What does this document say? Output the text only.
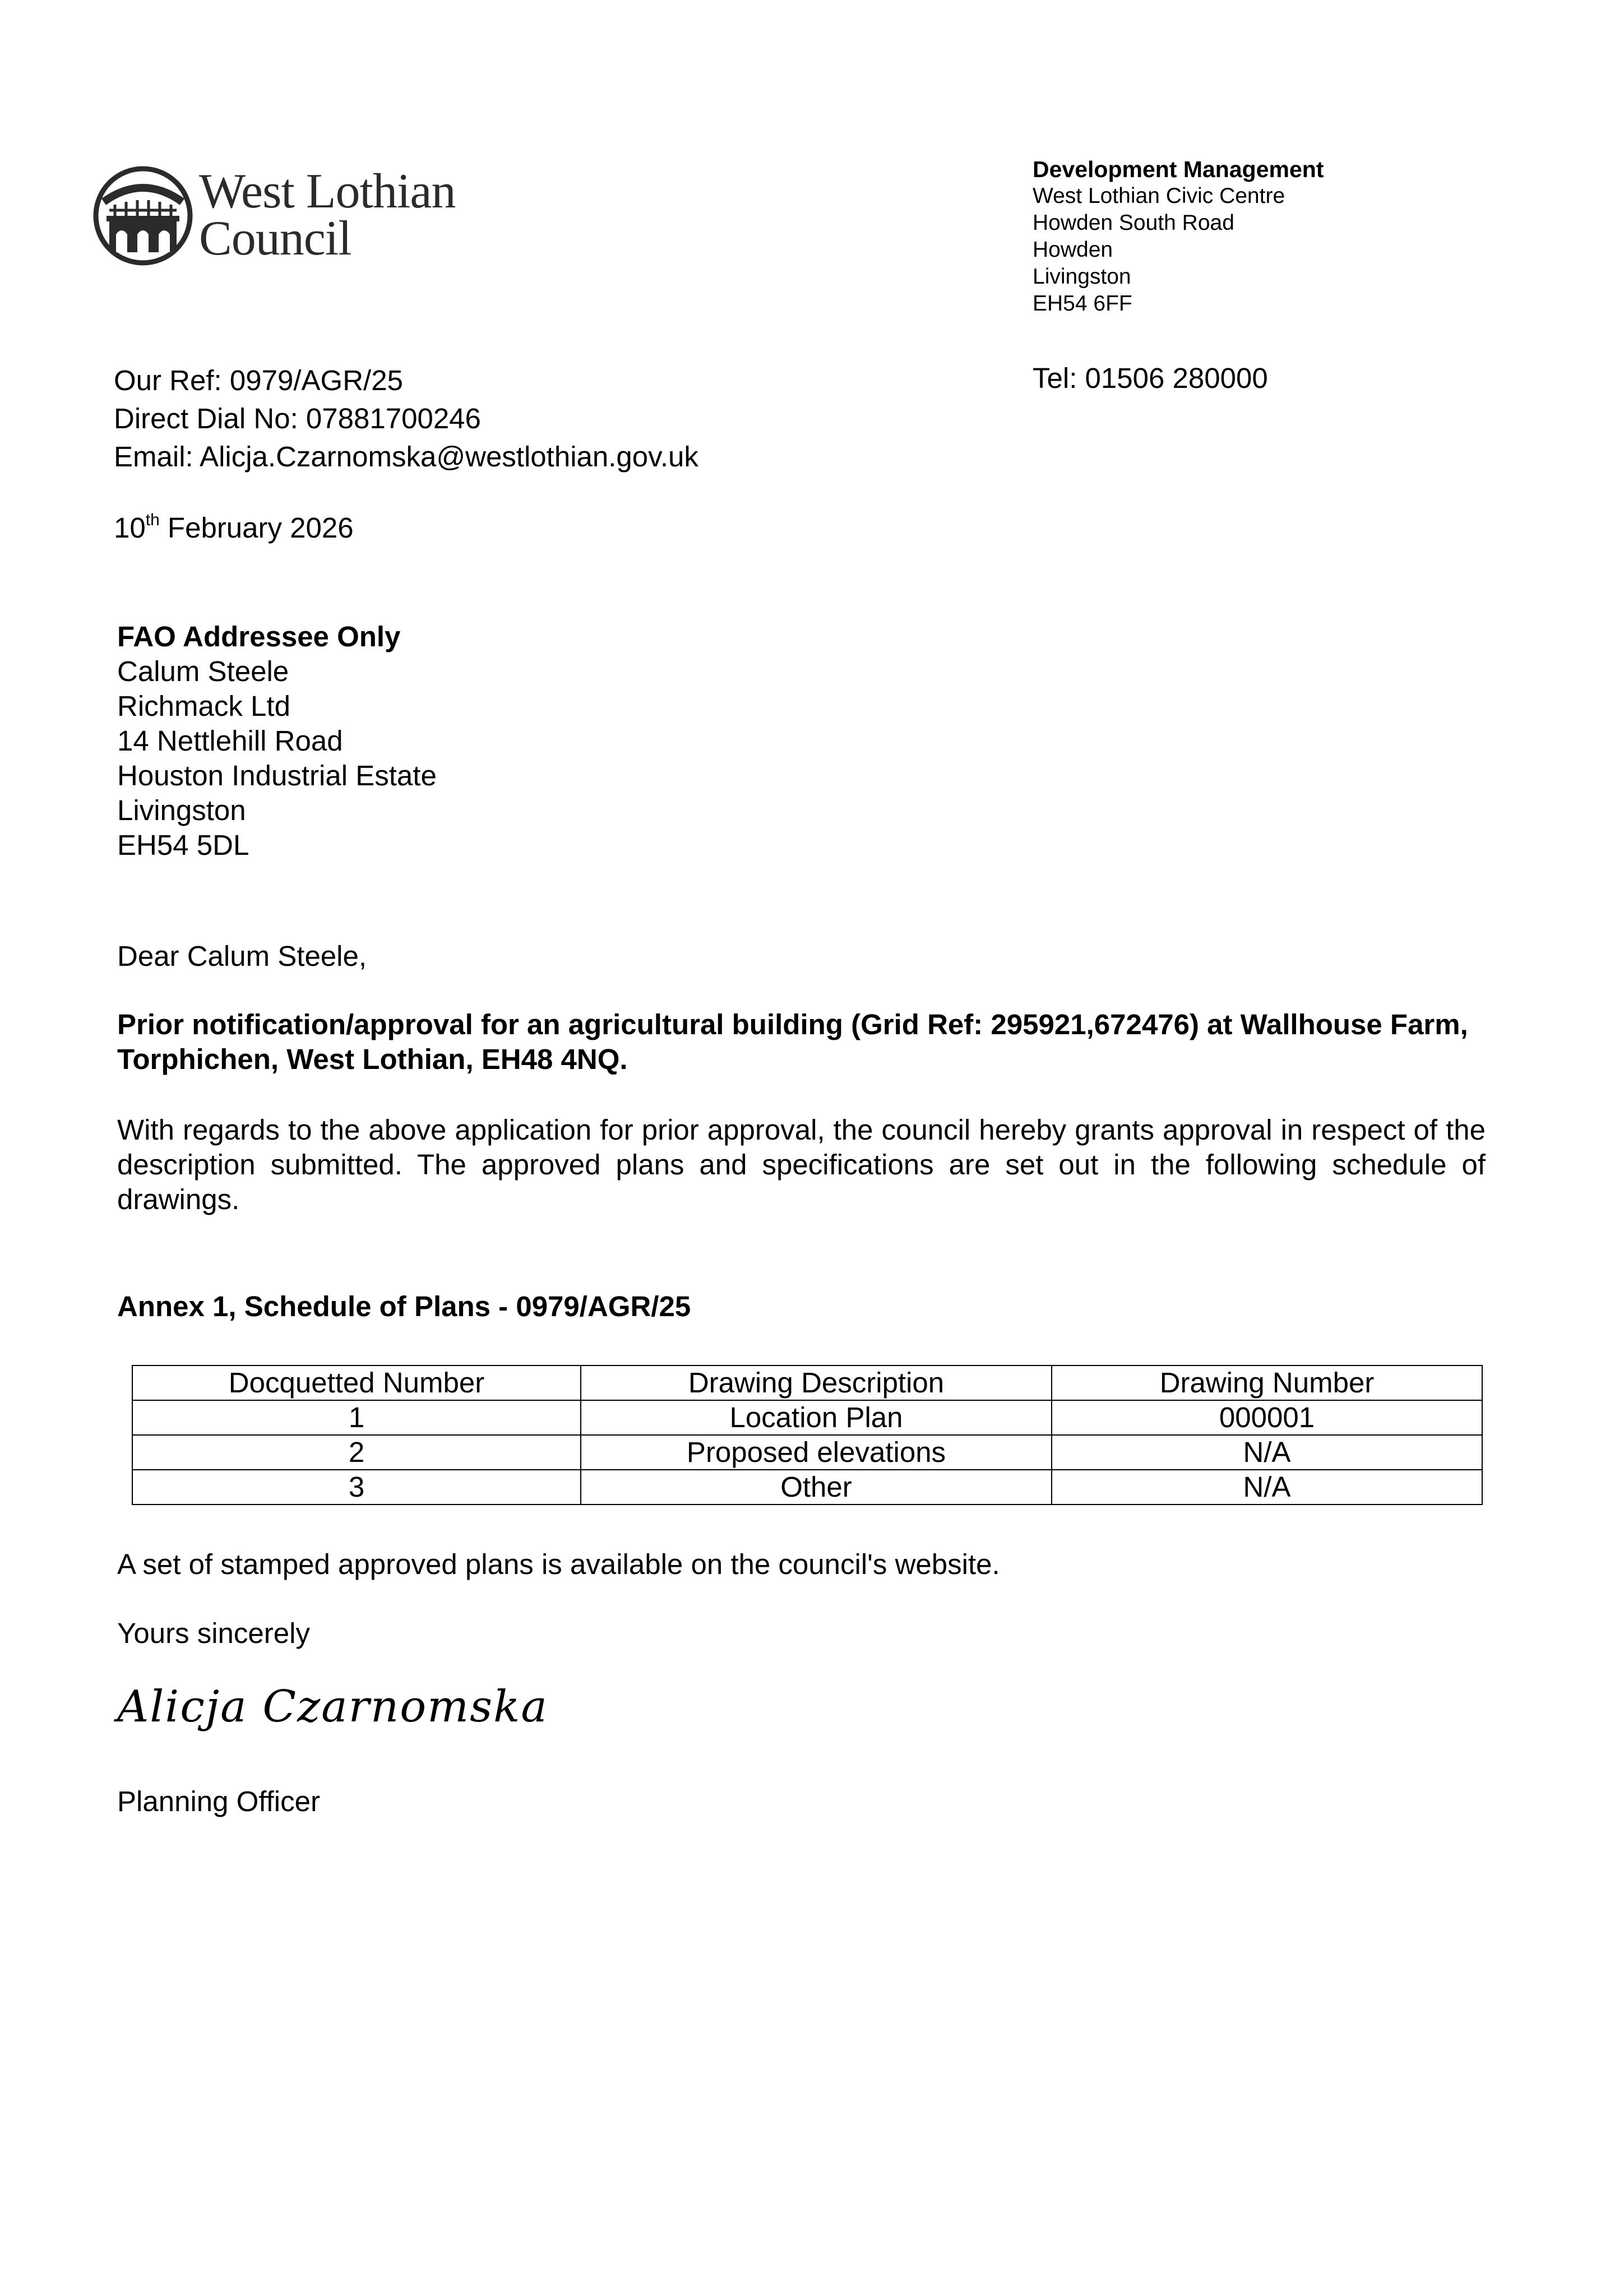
West Lothian
Council
Development Management
West Lothian Civic Centre
Howden South Road
Howden
Livingston
EH54 6FF
Tel: 01506 280000
Our Ref: 0979/AGR/25
Direct Dial No: 07881700246
Email: Alicja.Czarnomska@westlothian.gov.uk
10th February 2026
FAO Addressee Only
Calum Steele
Richmack Ltd
14 Nettlehill Road
Houston Industrial Estate
Livingston
EH54 5DL
Dear Calum Steele,
Prior notification/approval for an agricultural building (Grid Ref: 295921,672476) at Wallhouse Farm, Torphichen, West Lothian, EH48 4NQ.
With regards to the above application for prior approval, the council hereby grants approval in respect of the description submitted. The approved plans and specifications are set out in the following schedule of drawings.
Annex 1, Schedule of Plans - 0979/AGR/25
Docquetted Number	Drawing Description	Drawing Number
1	Location Plan	000001
2	Proposed elevations	N/A
3	Other	N/A
A set of stamped approved plans is available on the council's website.
Yours sincerely
Alicja Czarnomska
Planning Officer
